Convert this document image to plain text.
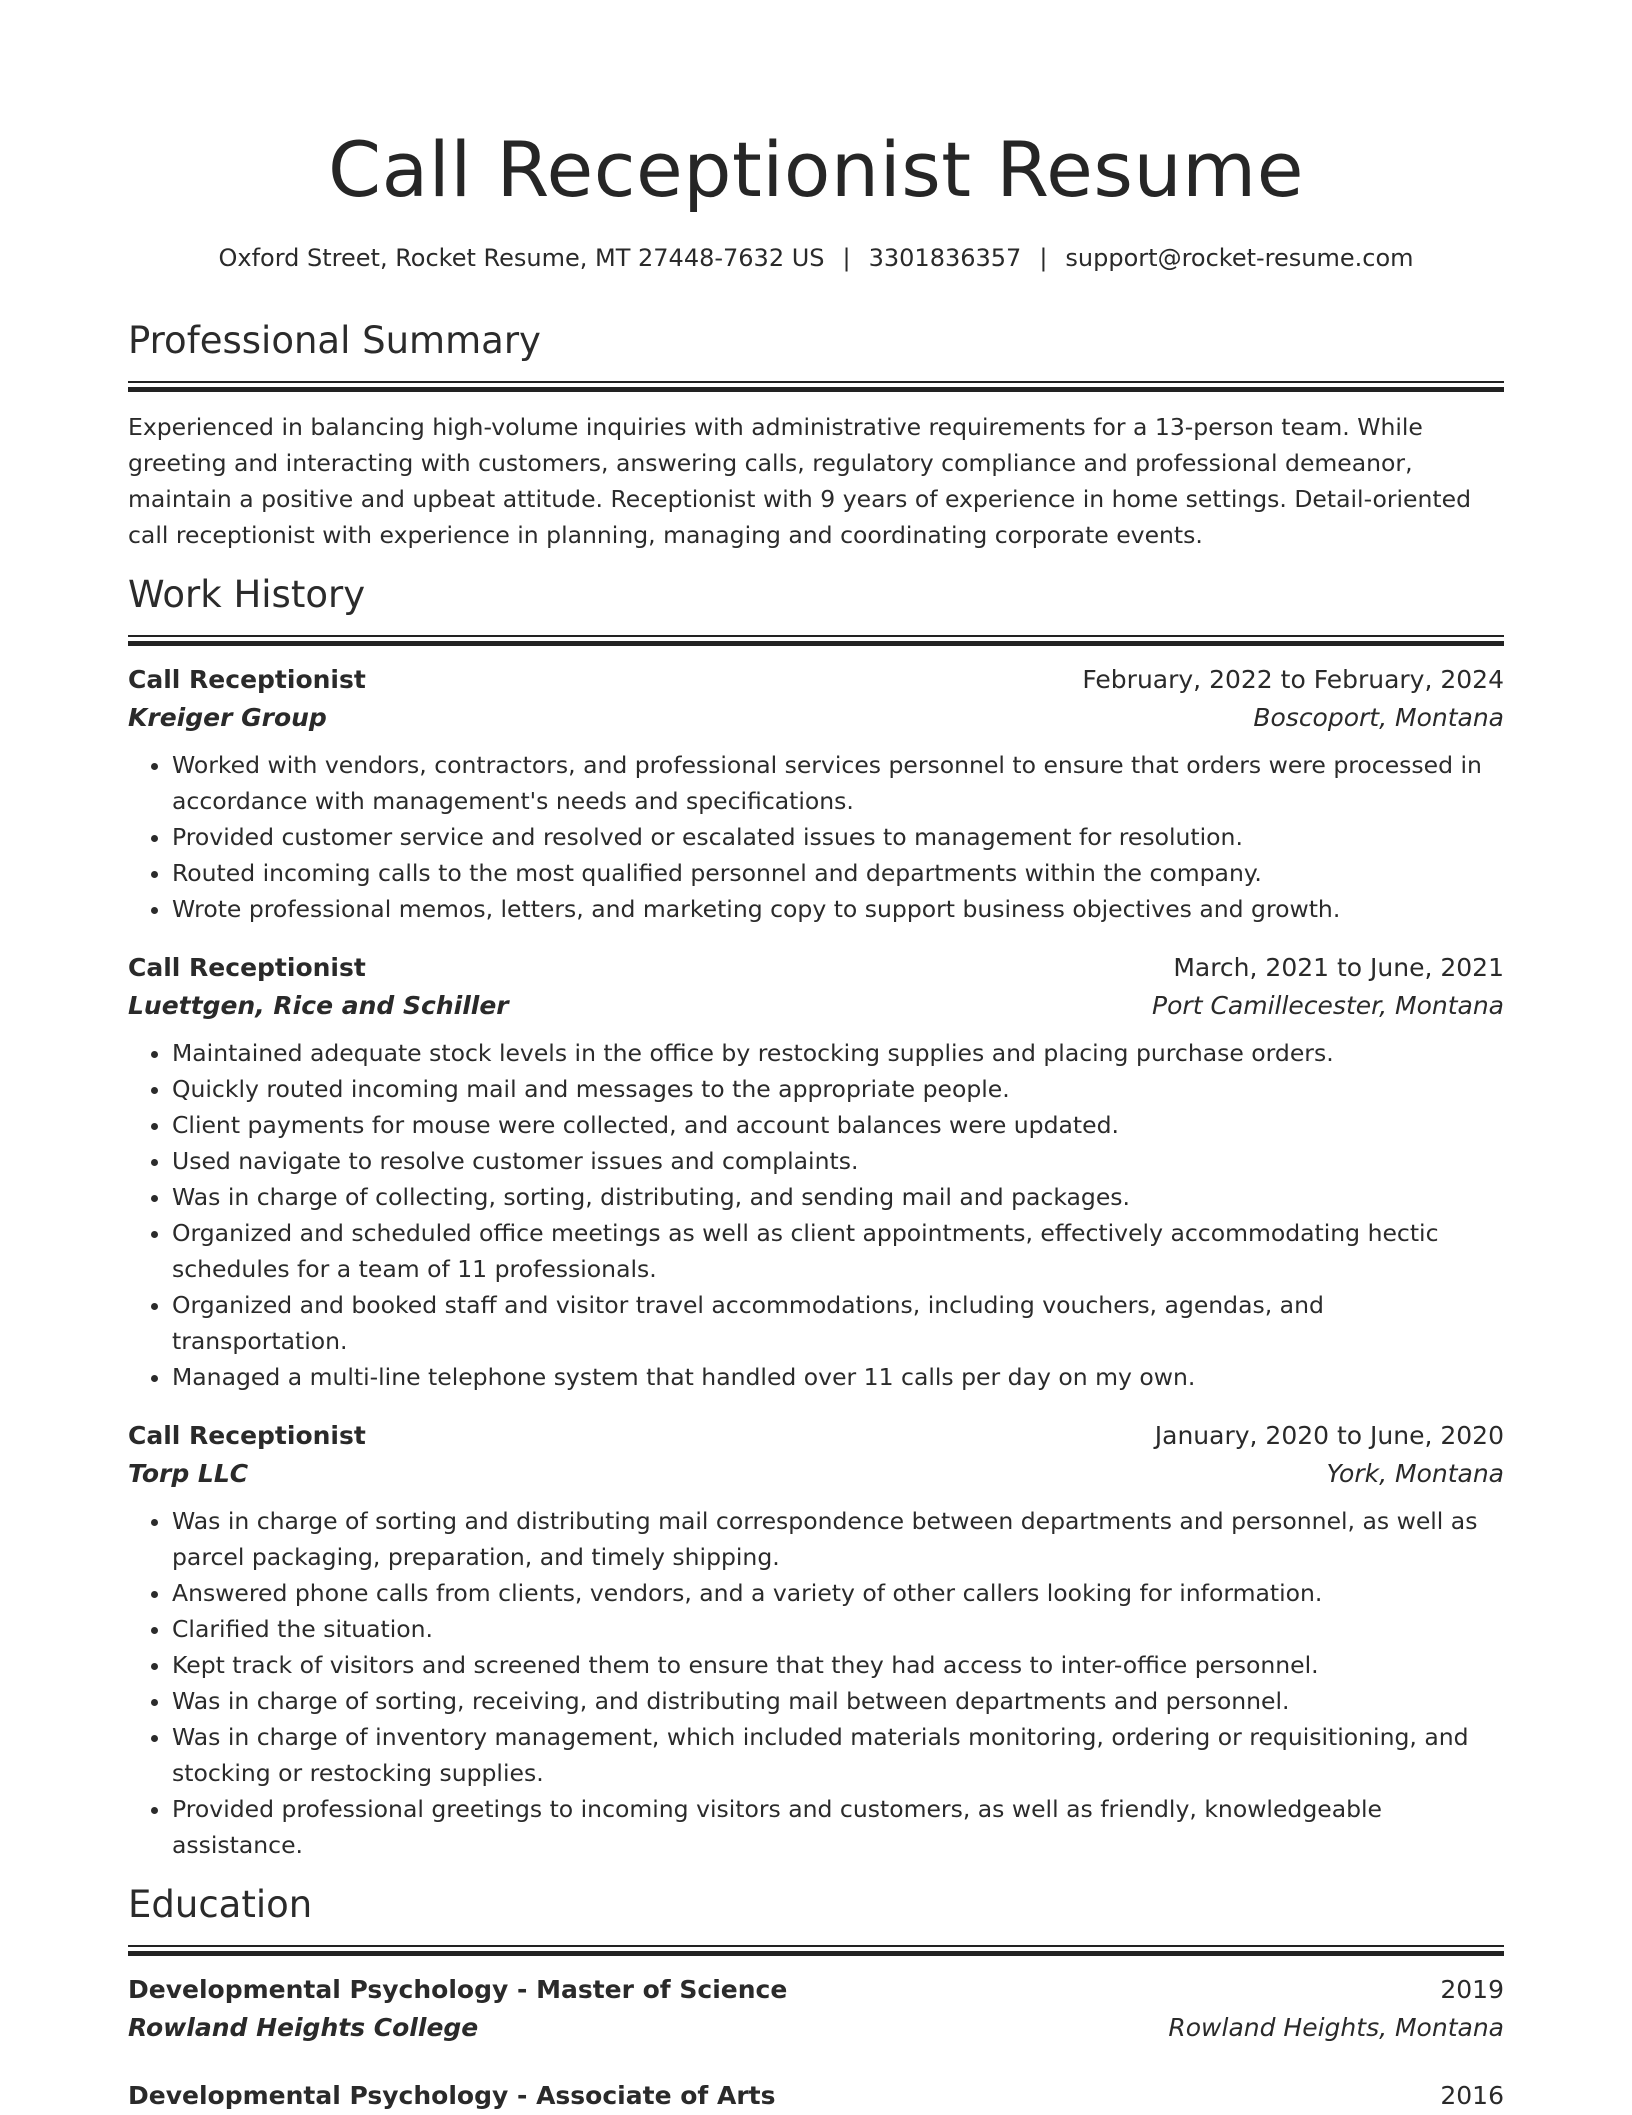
Call Receptionist Resume
Oxford Street, Rocket Resume, MT 27448-7632 US | 3301836357 | support@rocket-resume.com
Professional Summary

Experienced in balancing high-volume inquiries with administrative requirements for a 13-person team. While greeting and interacting with customers, answering calls, regulatory compliance and professional demeanor, maintain a positive and upbeat attitude. Receptionist with 9 years of experience in home settings. Detail-oriented call receptionist with experience in planning, managing and coordinating corporate events.

Work History
Call Receptionist	February, 2022 to February, 2024
Kreiger Group	Boscoport, Montana
• Worked with vendors, contractors, and professional services personnel to ensure that orders were processed in accordance with management's needs and specifications.
• Provided customer service and resolved or escalated issues to management for resolution.
• Routed incoming calls to the most qualified personnel and departments within the company.
• Wrote professional memos, letters, and marketing copy to support business objectives and growth.
Call Receptionist	March, 2021 to June, 2021
Luettgen, Rice and Schiller	Port Camillecester, Montana
• Maintained adequate stock levels in the office by restocking supplies and placing purchase orders.
• Quickly routed incoming mail and messages to the appropriate people.
• Client payments for mouse were collected, and account balances were updated.
• Used navigate to resolve customer issues and complaints.
• Was in charge of collecting, sorting, distributing, and sending mail and packages.
• Organized and scheduled office meetings as well as client appointments, effectively accommodating hectic schedules for a team of 11 professionals.
• Organized and booked staff and visitor travel accommodations, including vouchers, agendas, and transportation.
• Managed a multi-line telephone system that handled over 11 calls per day on my own.
Call Receptionist	January, 2020 to June, 2020
Torp LLC	York, Montana
• Was in charge of sorting and distributing mail correspondence between departments and personnel, as well as parcel packaging, preparation, and timely shipping.
• Answered phone calls from clients, vendors, and a variety of other callers looking for information.
• Clarified the situation.
• Kept track of visitors and screened them to ensure that they had access to inter-office personnel.
• Was in charge of sorting, receiving, and distributing mail between departments and personnel.
• Was in charge of inventory management, which included materials monitoring, ordering or requisitioning, and stocking or restocking supplies.
• Provided professional greetings to incoming visitors and customers, as well as friendly, knowledgeable assistance.
Education
Developmental Psychology - Master of Science	2019
Rowland Heights College	Rowland Heights, Montana
Developmental Psychology - Associate of Arts	2016
